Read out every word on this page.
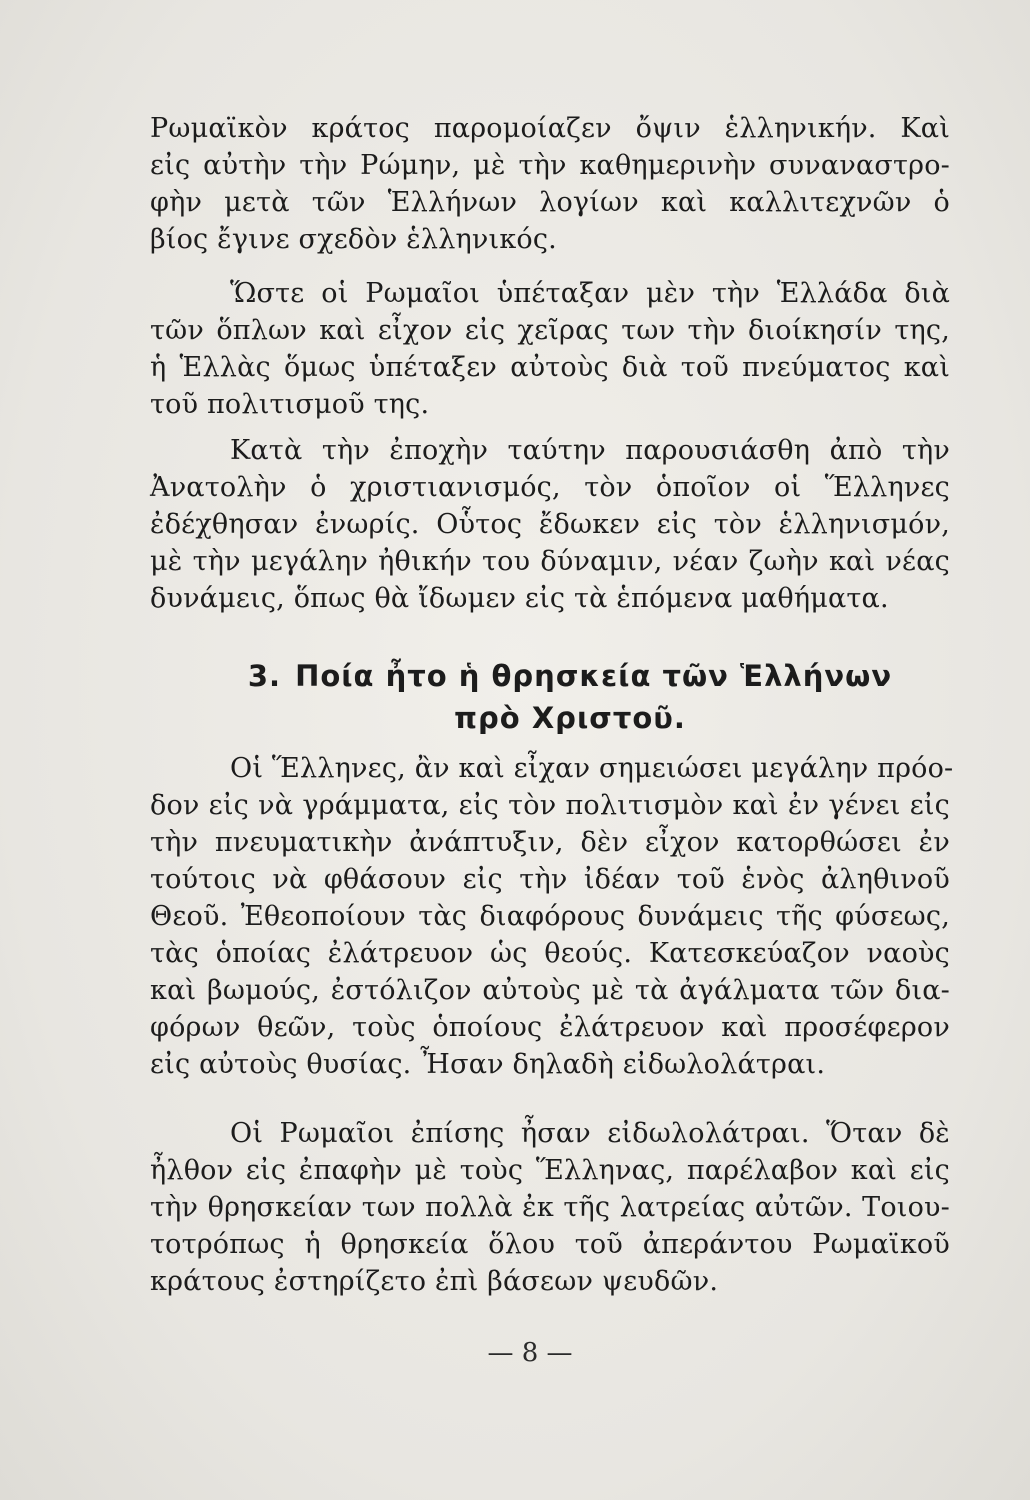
Ρωμαϊκὸν κράτος παρομοίαζεν ὄψιν ἑλληνικήν. Καὶ
εἰς αὐτὴν τὴν Ρώμην, μὲ τὴν καθημερινὴν συναναστρο-
φὴν μετὰ τῶν Ἑλλήνων λογίων καὶ καλλιτεχνῶν ὁ
βίος ἔγινε σχεδὸν ἑλληνικός.
Ὥστε οἱ Ρωμαῖοι ὑπέταξαν μὲν τὴν Ἑλλάδα διὰ
τῶν ὅπλων καὶ εἶχον εἰς χεῖρας των τὴν διοίκησίν της,
ἡ Ἑλλὰς ὅμως ὑπέταξεν αὐτοὺς διὰ τοῦ πνεύματος καὶ
τοῦ πολιτισμοῦ της.
Κατὰ τὴν ἐποχὴν ταύτην παρουσιάσθη ἀπὸ τὴν
Ἀνατολὴν ὁ χριστιανισμός, τὸν ὁποῖον οἱ Ἕλληνες
ἐδέχθησαν ἐνωρίς. Οὗτος ἔδωκεν εἰς τὸν ἑλληνισμόν,
μὲ τὴν μεγάλην ἠθικήν του δύναμιν, νέαν ζωὴν καὶ νέας
δυνάμεις, ὅπως θὰ ἴδωμεν εἰς τὰ ἑπόμενα μαθήματα.
3. Ποία ἦτο ἡ θρησκεία τῶν Ἑλλήνων
πρὸ Χριστοῦ.
Οἱ Ἕλληνες, ἂν καὶ εἶχαν σημειώσει μεγάλην πρόο-
δον εἰς νὰ γράμματα, εἰς τὸν πολιτισμὸν καὶ ἐν γένει εἰς
τὴν πνευματικὴν ἀνάπτυξιν, δὲν εἶχον κατορθώσει ἐν
τούτοις νὰ φθάσουν εἰς τὴν ἰδέαν τοῦ ἑνὸς ἀληθινοῦ
Θεοῦ. Ἐθεοποίουν τὰς διαφόρους δυνάμεις τῆς φύσεως,
τὰς ὁποίας ἐλάτρευον ὡς θεούς. Κατεσκεύαζον ναοὺς
καὶ βωμούς, ἐστόλιζον αὐτοὺς μὲ τὰ ἀγάλματα τῶν δια-
φόρων θεῶν, τοὺς ὁποίους ἐλάτρευον καὶ προσέφερον
εἰς αὐτοὺς θυσίας. Ἦσαν δηλαδὴ εἰδωλολάτραι.
Οἱ Ρωμαῖοι ἐπίσης ἦσαν εἰδωλολάτραι. Ὅταν δὲ
ἦλθον εἰς ἐπαφὴν μὲ τοὺς Ἕλληνας, παρέλαβον καὶ εἰς
τὴν θρησκείαν των πολλὰ ἐκ τῆς λατρείας αὐτῶν. Τοιου-
τοτρόπως ἡ θρησκεία ὅλου τοῦ ἀπεράντου Ρωμαϊκοῦ
κράτους ἐστηρίζετο ἐπὶ βάσεων ψευδῶν.
— 8 —
